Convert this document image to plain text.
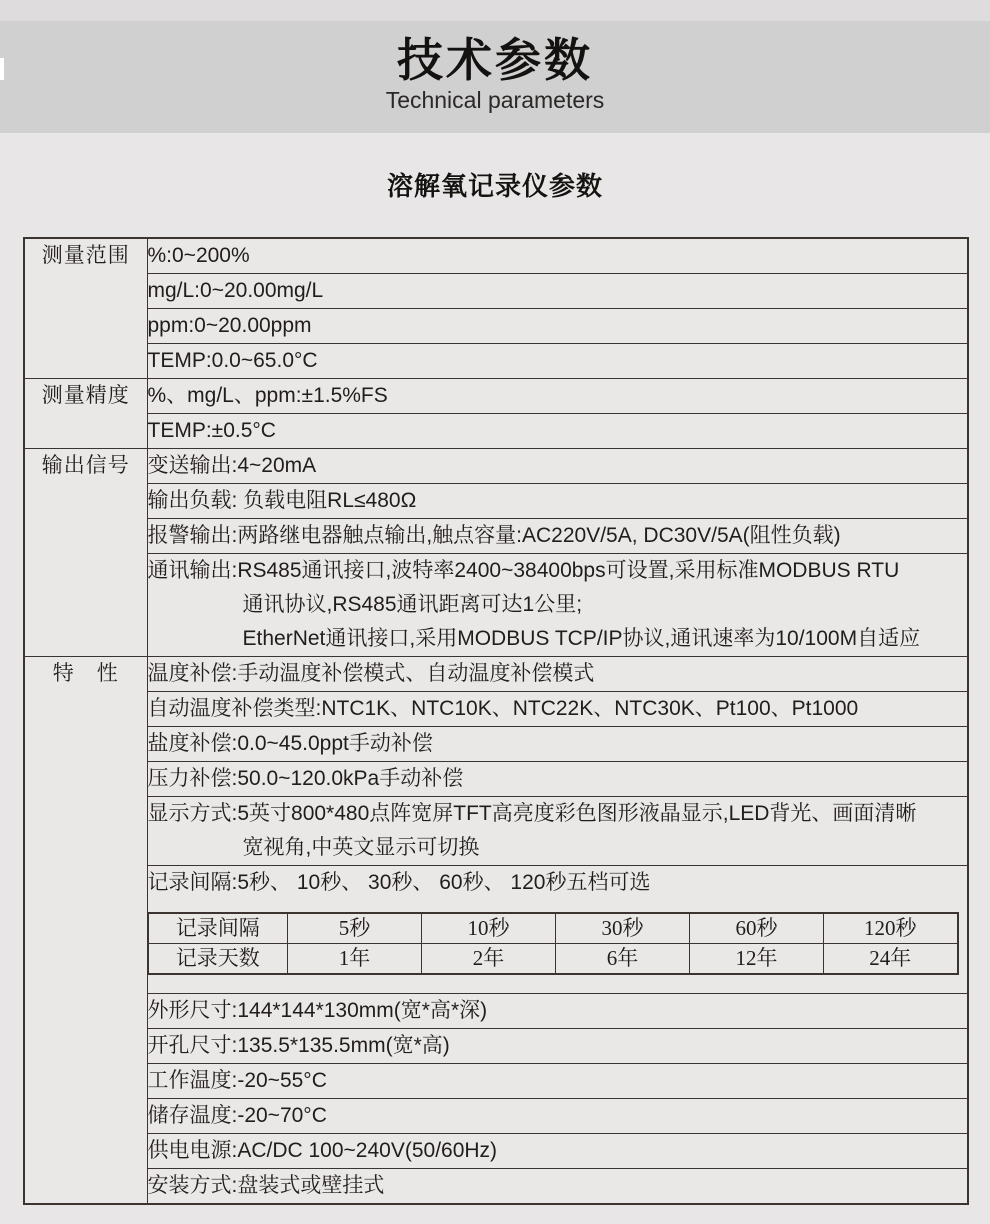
技术参数
Technical parameters
溶解氧记录仪参数
测量范围	%:0~200%

mg/L:0~20.00mg/L

ppm:0~20.00ppm

TEMP:0.0~65.0°C

测量精度	%、mg/L、ppm:±1.5%FS

TEMP:±0.5°C

输出信号	变送输出:4~20mA

输出负载: 负载电阻RL≤480Ω

报警输出:两路继电器触点输出,触点容量:AC220V/5A, DC30V/5A(阻性负载)

通讯输出:RS485通讯接口,波特率2400~38400bps可设置,采用标准MODBUS RTU
通讯协议,RS485通讯距离可达1公里;
EtherNet通讯接口,采用MODBUS TCP/IP协议,通讯速率为10/100M自适应

特　性	温度补偿:手动温度补偿模式、自动温度补偿模式

自动温度补偿类型:NTC1K、NTC10K、NTC22K、NTC30K、Pt100、Pt1000

盐度补偿:0.0~45.0ppt手动补偿

压力补偿:50.0~120.0kPa手动补偿

显示方式:5英寸800*480点阵宽屏TFT高亮度彩色图形液晶显示,LED背光、画面清晰
宽视角,中英文显示可切换

记录间隔:5秒、 10秒、 30秒、 60秒、 120秒五档可选
记录间隔	5秒	10秒	30秒	60秒	120秒
记录天数	1年	2年	6年	12年	24年

外形尺寸:144*144*130mm(宽*高*深)

开孔尺寸:135.5*135.5mm(宽*高)

工作温度:-20~55°C

储存温度:-20~70°C

供电电源:AC/DC 100~240V(50/60Hz)

安装方式:盘装式或壁挂式
